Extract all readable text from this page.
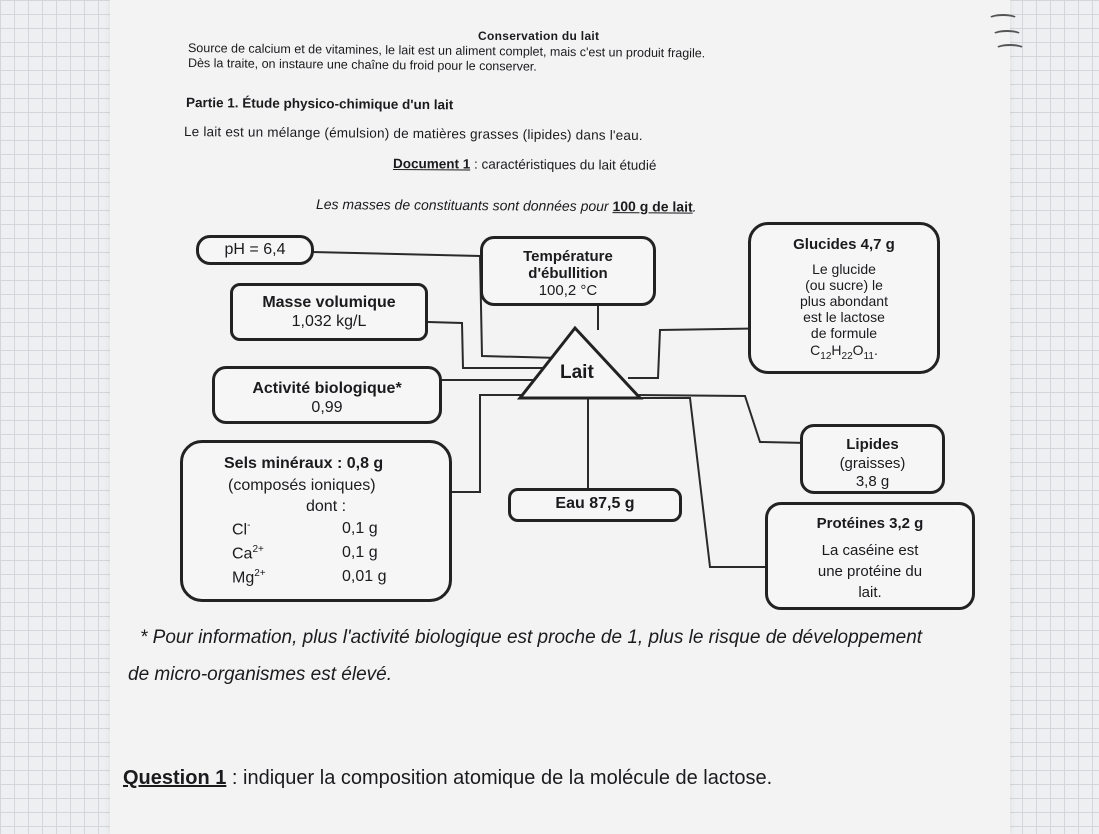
Conservation du lait
Source de calcium et de vitamines, le lait est un aliment complet, mais c'est un produit fragile.
Dès la traite, on instaure une chaîne du froid pour le conserver.
Partie 1. Étude physico-chimique d'un lait
Le lait est un mélange (émulsion) de matières grasses (lipides) dans l'eau.
Document 1 : caractéristiques du lait étudié
Les masses de constituants sont données pour 100 g de lait.
Lait
pH = 6,4	Température
d'ébullition
100,2 °C
Masse volumique
1,032 kg/L
Activité biologique*
0,99
Sels minéraux : 0,8 g
(composés ioniques)
dont :
Cl-	0,1 g
$Ca^{2+}$	0,1 g
$Mg^{2+}$	0,01 g
Eau 87,5 g
Glucides 4,7 g
Le glucide
(ou sucre) le
plus abondant
est le lactose
de formule
$C_{12}H_{22}O_{11}$.
Lipides
(graisses)
3,8 g
Protéines 3,2 g
La caséine est
une protéine du
lait.
* Pour information, plus l'activité biologique est proche de 1, plus le risque de développement
de micro-organismes est élevé.
Question 1 : indiquer la composition atomique de la molécule de lactose.
